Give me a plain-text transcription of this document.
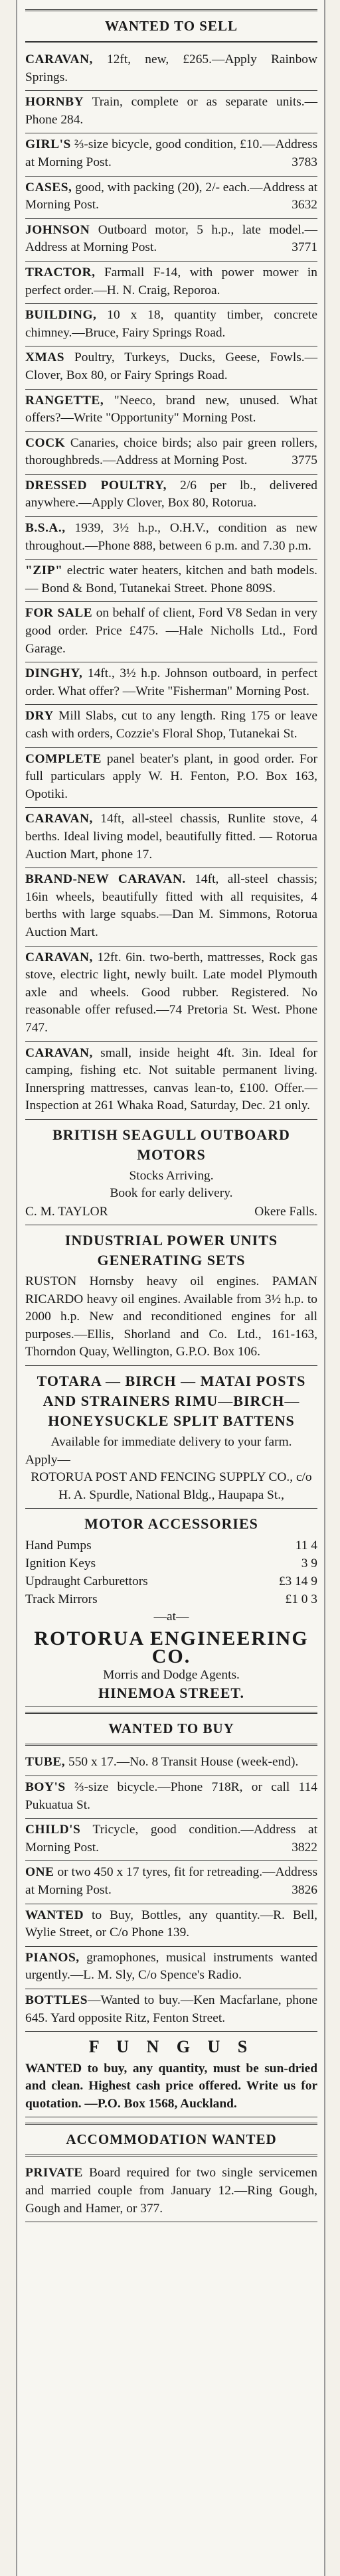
WANTED TO SELL
CARAVAN, 12ft, new, £265.—Apply Rainbow Springs.
HORNBY Train, complete or as separate units.—Phone 284.
GIRL'S ⅔-size bicycle, good condition, £10.—Address at Morning Post.	3783
CASES, good, with packing (20), 2/- each.—Address at Morning Post.	3632
JOHNSON Outboard motor, 5 h.p., late model.—Address at Morning Post.	3771
TRACTOR, Farmall F-14, with power mower in perfect order.—H. N. Craig, Reporoa.
BUILDING, 10 x 18, quantity timber, concrete chimney.—Bruce, Fairy Springs Road.
XMAS Poultry, Turkeys, Ducks, Geese, Fowls.—Clover, Box 80, or Fairy Springs Road.
RANGETTE, "Neeco, brand new, unused. What offers?—Write "Opportunity" Morning Post.
COCK Canaries, choice birds; also pair green rollers, thoroughbreds.—Address at Morning Post.	3775
DRESSED POULTRY, 2/6 per lb., delivered anywhere.—Apply Clover, Box 80, Rotorua.
B.S.A., 1939, 3½ h.p., O.H.V., condition as new throughout.—Phone 888, between 6 p.m. and 7.30 p.m.
"ZIP" electric water heaters, kitchen and bath models. — Bond & Bond, Tutanekai Street. Phone 809S.
FOR SALE on behalf of client, Ford V8 Sedan in very good order. Price £475. —Hale Nicholls Ltd., Ford Garage.
DINGHY, 14ft., 3½ h.p. Johnson outboard, in perfect order. What offer? —Write "Fisherman" Morning Post.
DRY Mill Slabs, cut to any length. Ring 175 or leave cash with orders, Cozzie's Floral Shop, Tutanekai St.
COMPLETE panel beater's plant, in good order. For full particulars apply W. H. Fenton, P.O. Box 163, Opotiki.
CARAVAN, 14ft, all-steel chassis, Runlite stove, 4 berths. Ideal living model, beautifully fitted. — Rotorua Auction Mart, phone 17.
BRAND-NEW CARAVAN. 14ft, all-steel chassis; 16in wheels, beautifully fitted with all requisites, 4 berths with large squabs.—Dan M. Simmons, Rotorua Auction Mart.
CARAVAN, 12ft. 6in. two-berth, mattresses, Rock gas stove, electric light, newly built. Late model Plymouth axle and wheels. Good rubber. Registered. No reasonable offer refused.—74 Pretoria St. West. Phone 747.
CARAVAN, small, inside height 4ft. 3in. Ideal for camping, fishing etc. Not suitable permanent living. Innerspring mattresses, canvas lean-to, £100. Offer.—Inspection at 261 Whaka Road, Saturday, Dec. 21 only.
BRITISH SEAGULL OUTBOARD MOTORS
Stocks Arriving.
Book for early delivery.
C. M. TAYLOR	Okere Falls.
INDUSTRIAL POWER UNITS GENERATING SETS
RUSTON Hornsby heavy oil engines. PAMAN RICARDO heavy oil engines. Available from 3½ h.p. to 2000 h.p. New and reconditioned engines for all purposes.—Ellis, Shorland and Co. Ltd., 161-163, Thorndon Quay, Wellington, G.P.O. Box 106.
TOTARA — BIRCH — MATAI POSTS AND STRAINERS RIMU—BIRCH—HONEYSUCKLE SPLIT BATTENS
Available for immediate delivery to your farm.
Apply—
ROTORUA POST AND FENCING SUPPLY CO., c/o H. A. Spurdle, National Bldg., Haupapa St.,
MOTOR ACCESSORIES
Hand Pumps	11 4
Ignition Keys	3 9
Updraught Carburettors	£3 14 9
Track Mirrors	£1 0 3
—at—
ROTORUA ENGINEERING CO.
Morris and Dodge Agents.
HINEMOA STREET.
WANTED TO BUY
TUBE, 550 x 17.—No. 8 Transit House (week-end).
BOY'S ⅔-size bicycle.—Phone 718R, or call 114 Pukuatua St.
CHILD'S Tricycle, good condition.—Address at Morning Post.	3822
ONE or two 450 x 17 tyres, fit for retreading.—Address at Morning Post.	3826
WANTED to Buy, Bottles, any quantity.—R. Bell, Wylie Street, or C/o Phone 139.
PIANOS, gramophones, musical instruments wanted urgently.—L. M. Sly, C/o Spence's Radio.
BOTTLES—Wanted to buy.—Ken Macfarlane, phone 645. Yard opposite Ritz, Fenton Street.
F U N G U S
WANTED to buy, any quantity, must be sun-dried and clean. Highest cash price offered. Write us for quotation. —P.O. Box 1568, Auckland.
ACCOMMODATION WANTED
PRIVATE Board required for two single servicemen and married couple from January 12.—Ring Gough, Gough and Hamer, or 377.
